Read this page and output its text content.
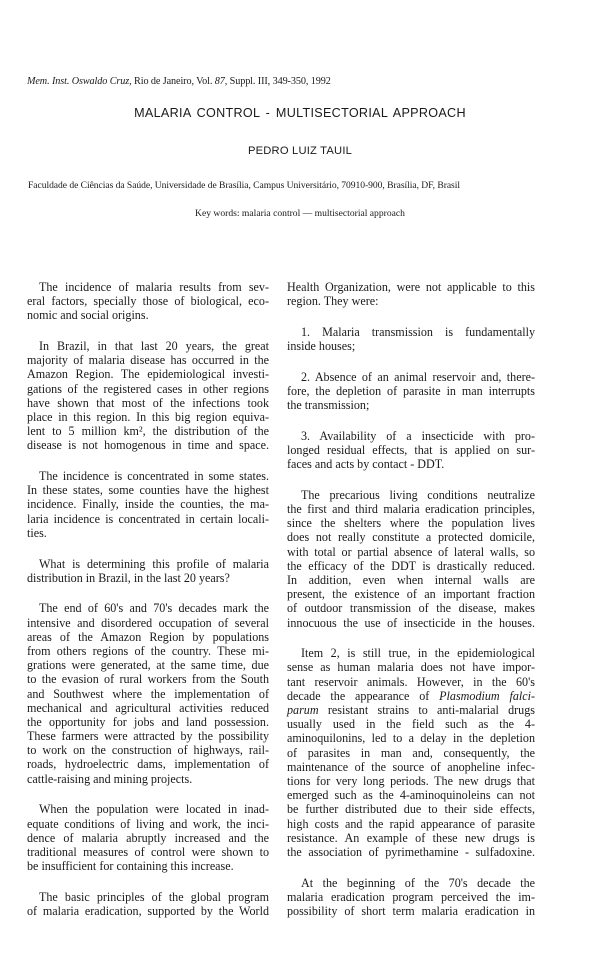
Mem. Inst. Oswaldo Cruz, Rio de Janeiro, Vol. 87, Suppl. III, 349-350, 1992
MALARIA CONTROL - MULTISECTORIAL APPROACH
PEDRO LUIZ TAUIL
Faculdade de Ciências da Saúde, Universidade de Brasília, Campus Universitário, 70910-900, Brasília, DF, Brasil
Key words: malaria control — multisectorial approach
The incidence of malaria results from sev-
eral factors, specially those of biological, eco-
nomic and social origins.
In Brazil, in that last 20 years, the great
majority of malaria disease has occurred in the
Amazon Region. The epidemiological investi-
gations of the registered cases in other regions
have shown that most of the infections took
place in this region. In this big region equiva-
lent to 5 million km², the distribution of the
disease is not homogenous in time and space.
The incidence is concentrated in some states.
In these states, some counties have the highest
incidence. Finally, inside the counties, the ma-
laria incidence is concentrated in certain locali-
ties.
What is determining this profile of malaria
distribution in Brazil, in the last 20 years?
The end of 60's and 70's decades mark the
intensive and disordered occupation of several
areas of the Amazon Region by populations
from others regions of the country. These mi-
grations were generated, at the same time, due
to the evasion of rural workers from the South
and Southwest where the implementation of
mechanical and agricultural activities reduced
the opportunity for jobs and land possession.
These farmers were attracted by the possibility
to work on the construction of highways, rail-
roads, hydroelectric dams, implementation of
cattle-raising and mining projects.
When the population were located in inad-
equate conditions of living and work, the inci-
dence of malaria abruptly increased and the
traditional measures of control were shown to
be insufficient for containing this increase.
The basic principles of the global program
of malaria eradication, supported by the World
Health Organization, were not applicable to this
region. They were:
1. Malaria transmission is fundamentally
inside houses;
2. Absence of an animal reservoir and, there-
fore, the depletion of parasite in man interrupts
the transmission;
3. Availability of a insecticide with pro-
longed residual effects, that is applied on sur-
faces and acts by contact - DDT.
The precarious living conditions neutralize
the first and third malaria eradication principles,
since the shelters where the population lives
does not really constitute a protected domicile,
with total or partial absence of lateral walls, so
the efficacy of the DDT is drastically reduced.
In addition, even when internal walls are
present, the existence of an important fraction
of outdoor transmission of the disease, makes
innocuous the use of insecticide in the houses.
Item 2, is still true, in the epidemiological
sense as human malaria does not have impor-
tant reservoir animals. However, in the 60's
decade the appearance of Plasmodium falci-
parum resistant strains to anti-malarial drugs
usually used in the field such as the 4-
aminoquilonins, led to a delay in the depletion
of parasites in man and, consequently, the
maintenance of the source of anopheline infec-
tions for very long periods. The new drugs that
emerged such as the 4-aminoquinoleins can not
be further distributed due to their side effects,
high costs and the rapid appearance of parasite
resistance. An example of these new drugs is
the association of pyrimethamine - sulfadoxine.
At the beginning of the 70's decade the
malaria eradication program perceived the im-
possibility of short term malaria eradication in
